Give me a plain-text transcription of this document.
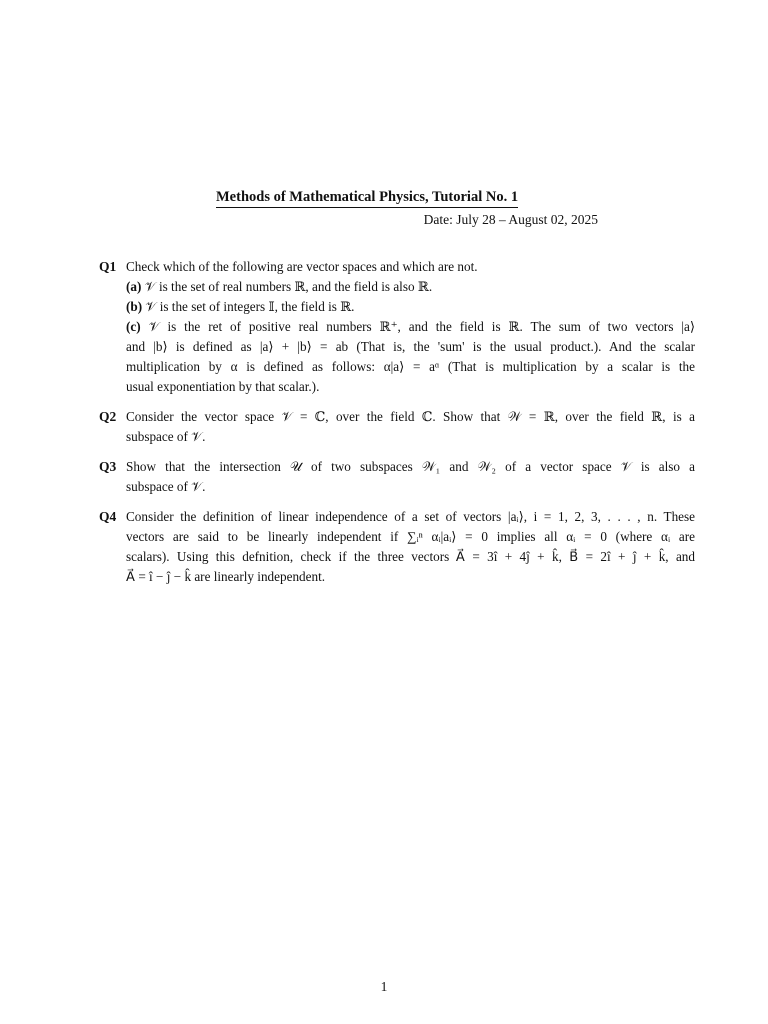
Methods of Mathematical Physics, Tutorial No. 1
Date: July 28 – August 02, 2025
Q1 Check which of the following are vector spaces and which are not.
(a) 𝒱 is the set of real numbers ℝ, and the field is also ℝ.
(b) 𝒱 is the set of integers 𝕀, the field is ℝ.
(c) 𝒱 is the ret of positive real numbers ℝ⁺, and the field is ℝ. The sum of two vectors |a⟩
and |b⟩ is defined as |a⟩ + |b⟩ = ab (That is, the 'sum' is the usual product.). And the scalar
multiplication by α is defined as follows: α|a⟩ = aᵅ (That is multiplication by a scalar is the
usual exponentiation by that scalar.).
Q2 Consider the vector space 𝒱 = ℂ, over the field ℂ. Show that 𝒲 = ℝ, over the field ℝ, is a
subspace of 𝒱.
Q3 Show that the intersection 𝒰 of two subspaces 𝒲₁ and 𝒲₂ of a vector space 𝒱 is also a
subspace of 𝒱.
Q4 Consider the definition of linear independence of a set of vectors |aᵢ⟩, i = 1, 2, 3, . . . , n. These
vectors are said to be linearly independent if ∑ᵢⁿ αᵢ|aᵢ⟩ = 0 implies all αᵢ = 0 (where αᵢ are
scalars). Using this defnition, check if the three vectors A⃗ = 3î + 4ĵ + k̂, B⃗ = 2î + ĵ + k̂, and
A⃗ = î − ĵ − k̂ are linearly independent.
1
